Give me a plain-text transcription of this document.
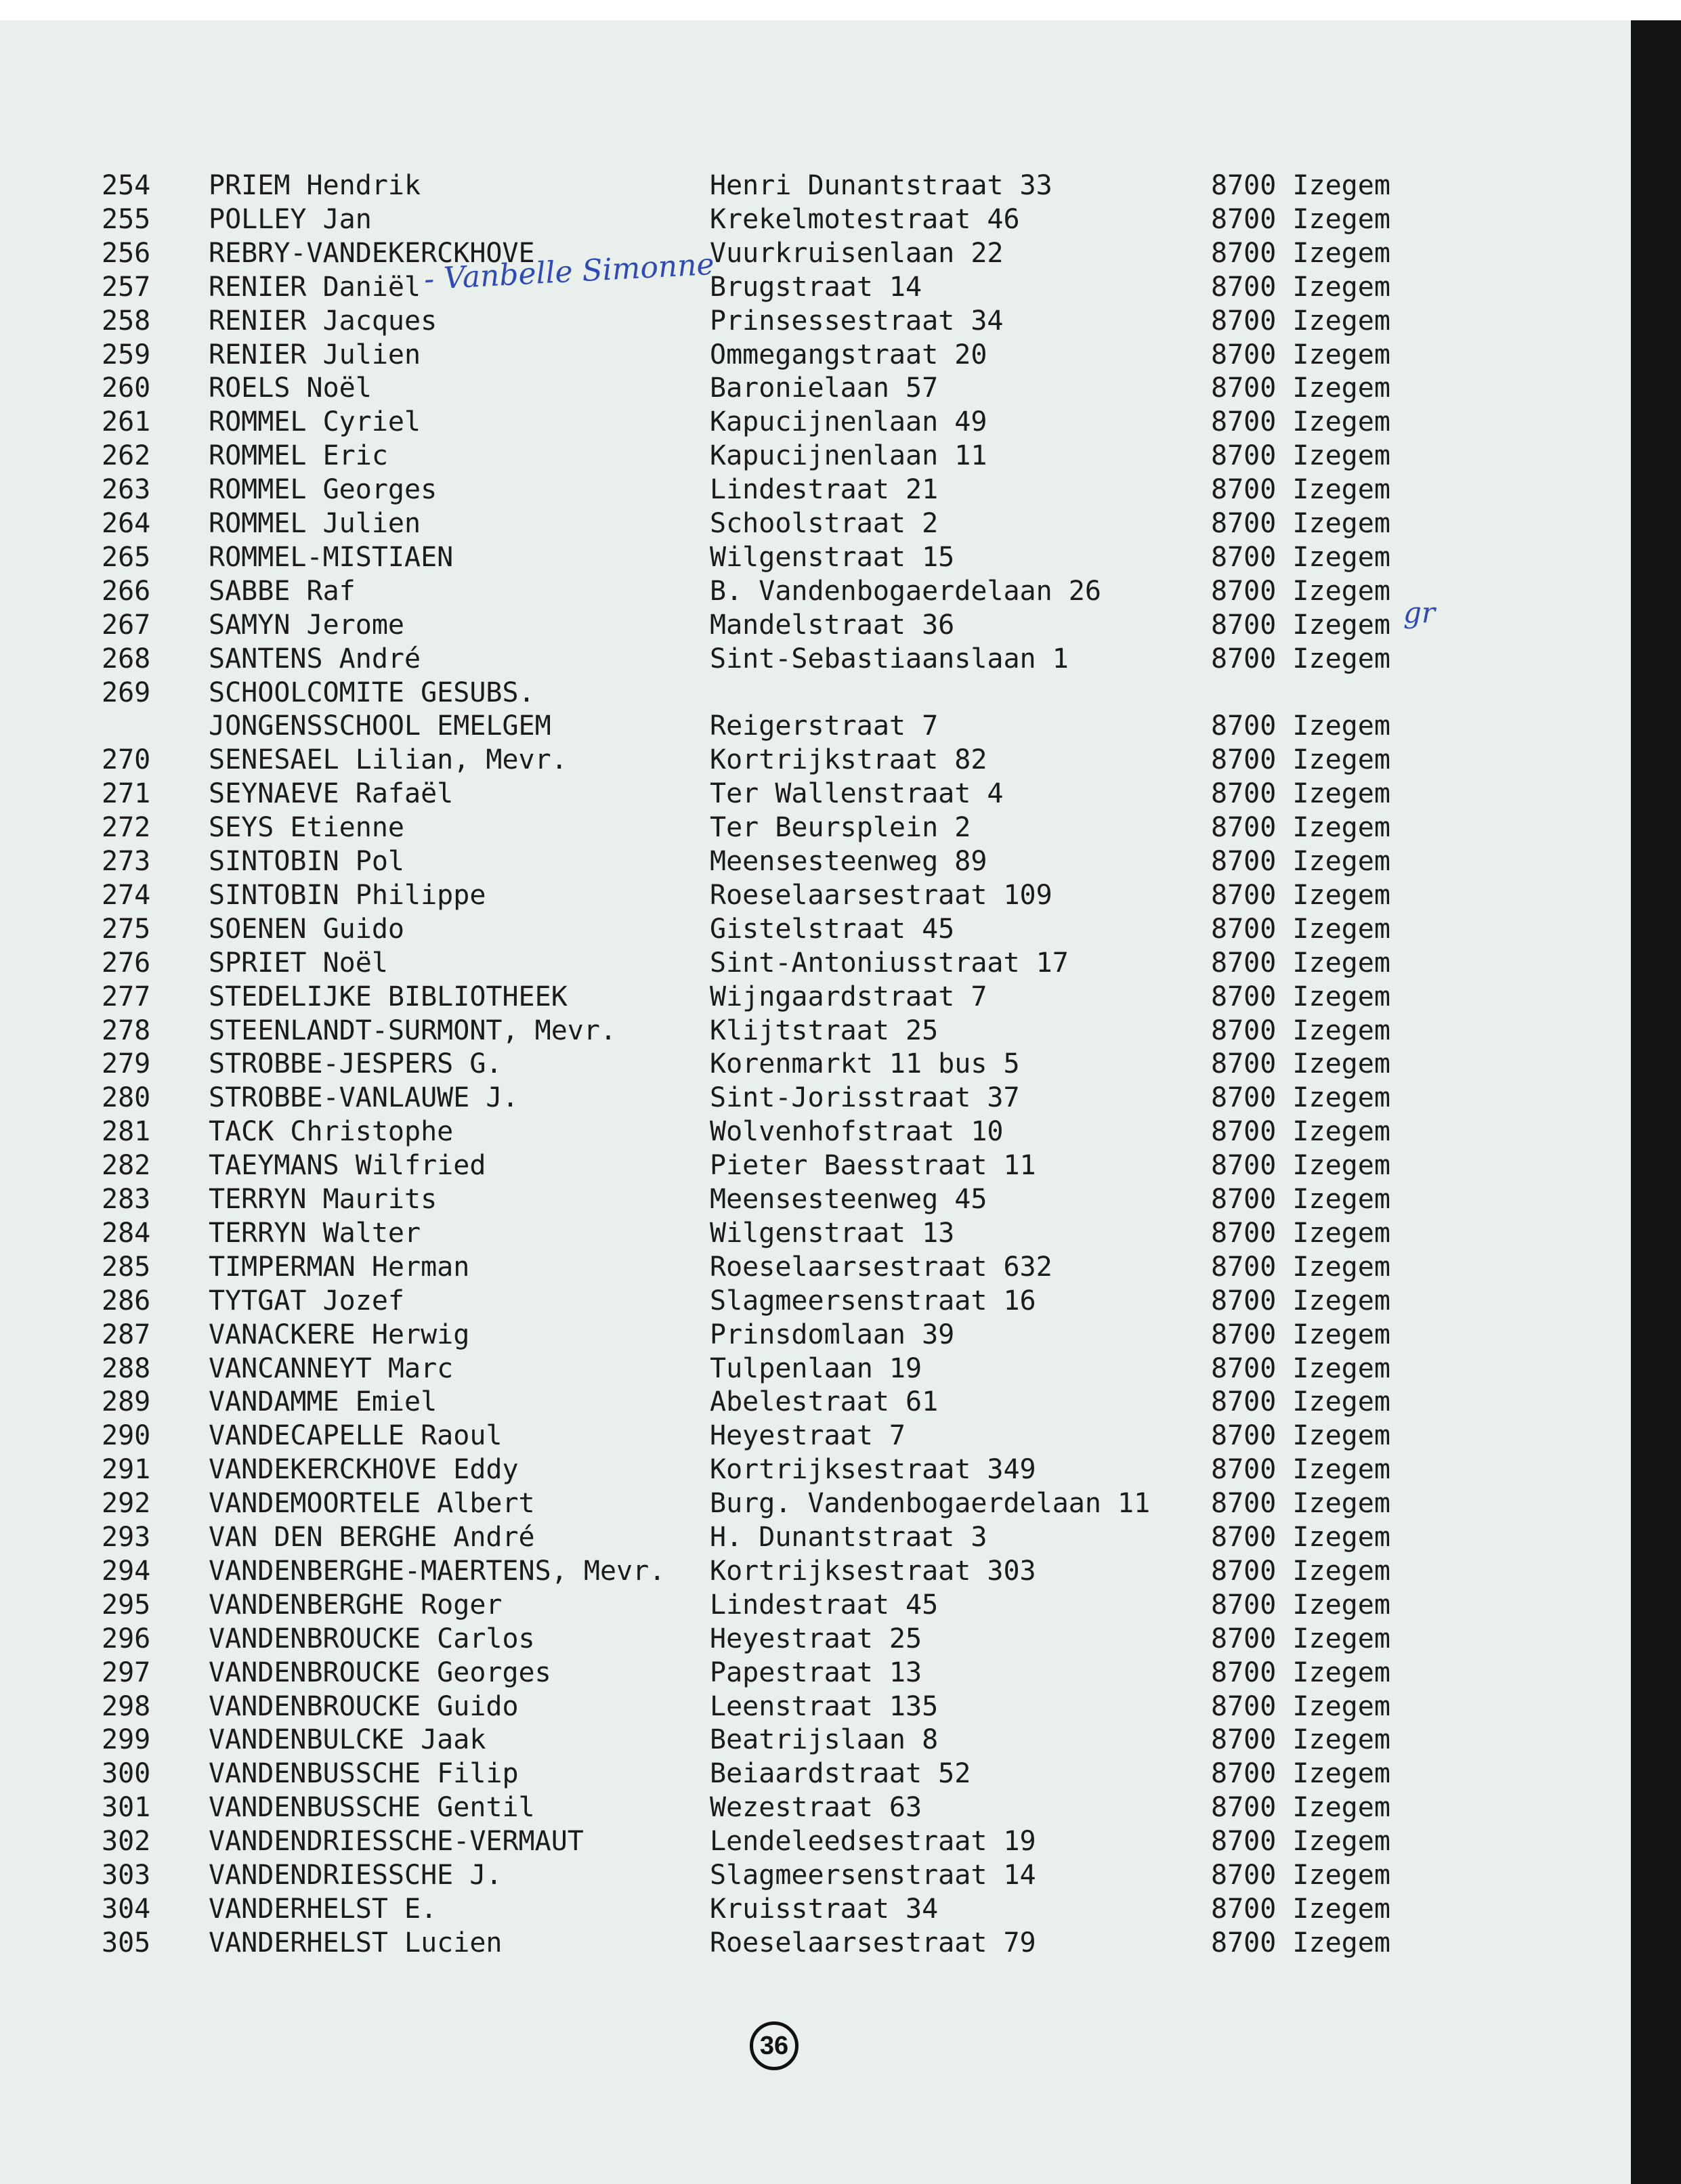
254	PRIEM Hendrik	Henri Dunantstraat 33	8700 Izegem
255	POLLEY Jan	Krekelmotestraat 46	8700 Izegem
256	REBRY-VANDEKERCKHOVE	Vuurkruisenlaan 22	8700 Izegem
257	RENIER Daniël	Brugstraat 14	8700 Izegem
258	RENIER Jacques	Prinsessestraat 34	8700 Izegem
259	RENIER Julien	Ommegangstraat 20	8700 Izegem
260	ROELS Noël	Baronielaan 57	8700 Izegem
261	ROMMEL Cyriel	Kapucijnenlaan 49	8700 Izegem
262	ROMMEL Eric	Kapucijnenlaan 11	8700 Izegem
263	ROMMEL Georges	Lindestraat 21	8700 Izegem
264	ROMMEL Julien	Schoolstraat 2	8700 Izegem
265	ROMMEL-MISTIAEN	Wilgenstraat 15	8700 Izegem
266	SABBE Raf	B. Vandenbogaerdelaan 26	8700 Izegem
267	SAMYN Jerome	Mandelstraat 36	8700 Izegem
268	SANTENS André	Sint-Sebastiaanslaan 1	8700 Izegem
269	SCHOOLCOMITE GESUBS.
JONGENSSCHOOL EMELGEM	Reigerstraat 7	8700 Izegem
270	SENESAEL Lilian, Mevr.	Kortrijkstraat 82	8700 Izegem
271	SEYNAEVE Rafaël	Ter Wallenstraat 4	8700 Izegem
272	SEYS Etienne	Ter Beursplein 2	8700 Izegem
273	SINTOBIN Pol	Meensesteenweg 89	8700 Izegem
274	SINTOBIN Philippe	Roeselaarsestraat 109	8700 Izegem
275	SOENEN Guido	Gistelstraat 45	8700 Izegem
276	SPRIET Noël	Sint-Antoniusstraat 17	8700 Izegem
277	STEDELIJKE BIBLIOTHEEK	Wijngaardstraat 7	8700 Izegem
278	STEENLANDT-SURMONT, Mevr.	Klijtstraat 25	8700 Izegem
279	STROBBE-JESPERS G.	Korenmarkt 11 bus 5	8700 Izegem
280	STROBBE-VANLAUWE J.	Sint-Jorisstraat 37	8700 Izegem
281	TACK Christophe	Wolvenhofstraat 10	8700 Izegem
282	TAEYMANS Wilfried	Pieter Baesstraat 11	8700 Izegem
283	TERRYN Maurits	Meensesteenweg 45	8700 Izegem
284	TERRYN Walter	Wilgenstraat 13	8700 Izegem
285	TIMPERMAN Herman	Roeselaarsestraat 632	8700 Izegem
286	TYTGAT Jozef	Slagmeersenstraat 16	8700 Izegem
287	VANACKERE Herwig	Prinsdomlaan 39	8700 Izegem
288	VANCANNEYT Marc	Tulpenlaan 19	8700 Izegem
289	VANDAMME Emiel	Abelestraat 61	8700 Izegem
290	VANDECAPELLE Raoul	Heyestraat 7	8700 Izegem
291	VANDEKERCKHOVE Eddy	Kortrijksestraat 349	8700 Izegem
292	VANDEMOORTELE Albert	Burg. Vandenbogaerdelaan 11 8700 Izegem
293	VAN DEN BERGHE André	H. Dunantstraat 3	8700 Izegem
294	VANDENBERGHE-MAERTENS, Mevr. Kortrijksestraat 303	8700 Izegem
295	VANDENBERGHE Roger	Lindestraat 45	8700 Izegem
296	VANDENBROUCKE Carlos	Heyestraat 25	8700 Izegem
297	VANDENBROUCKE Georges	Papestraat 13	8700 Izegem
298	VANDENBROUCKE Guido	Leenstraat 135	8700 Izegem
299	VANDENBULCKE Jaak	Beatrijslaan 8	8700 Izegem
300	VANDENBUSSCHE Filip	Beiaardstraat 52	8700 Izegem
301	VANDENBUSSCHE Gentil	Wezestraat 63	8700 Izegem
302	VANDENDRIESSCHE-VERMAUT	Lendeleedsestraat 19	8700 Izegem
303	VANDENDRIESSCHE J.	Slagmeersenstraat 14	8700 Izegem
304	VANDERHELST E.	Kruisstraat 34	8700 Izegem
305	VANDERHELST Lucien	Roeselaarsestraat 79	8700 Izegem
- Vanbelle Simonne
gr
36
